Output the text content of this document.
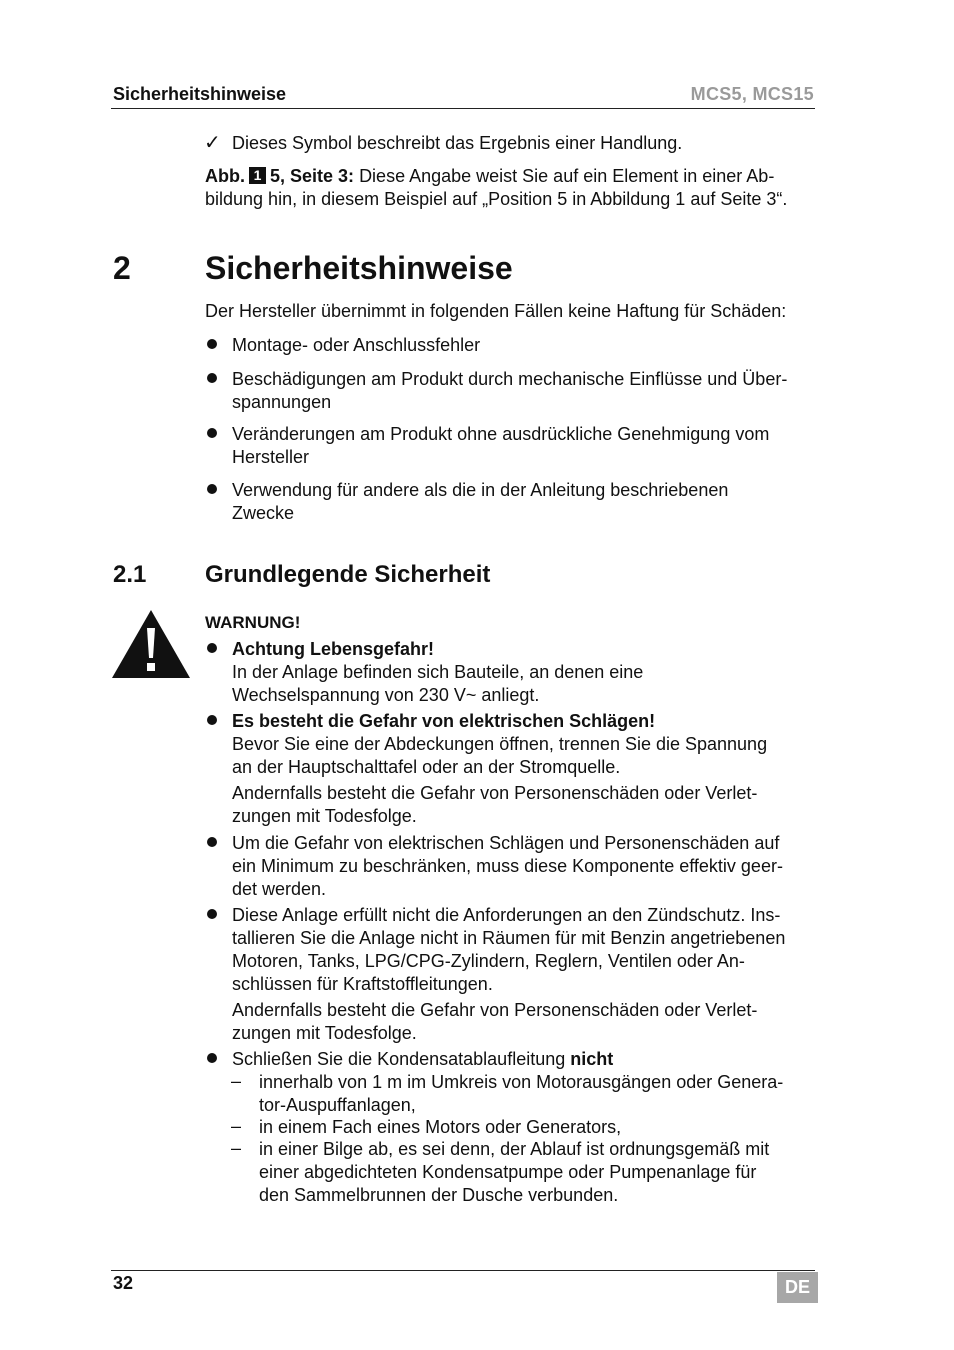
Sicherheitshinweise	MCS5, MCS15
✓ Dieses Symbol beschreibt das Ergebnis einer Handlung.
Abb. 1 5, Seite 3: Diese Angabe weist Sie auf ein Element in einer Ab-
bildung hin, in diesem Beispiel auf „Position 5 in Abbildung 1 auf Seite 3“.
2 Sicherheitshinweise
Der Hersteller übernimmt in folgenden Fällen keine Haftung für Schäden:
Montage- oder Anschlussfehler
Beschädigungen am Produkt durch mechanische Einflüsse und Über-
spannungen
Veränderungen am Produkt ohne ausdrückliche Genehmigung vom
Hersteller
Verwendung für andere als die in der Anleitung beschriebenen
Zwecke
2.1 Grundlegende Sicherheit
WARNUNG!
Achtung Lebensgefahr!
In der Anlage befinden sich Bauteile, an denen eine
Wechselspannung von 230 V~ anliegt.
Es besteht die Gefahr von elektrischen Schlägen!
Bevor Sie eine der Abdeckungen öffnen, trennen Sie die Spannung
an der Hauptschalttafel oder an der Stromquelle.
Andernfalls besteht die Gefahr von Personenschäden oder Verlet-
zungen mit Todesfolge.
Um die Gefahr von elektrischen Schlägen und Personenschäden auf
ein Minimum zu beschränken, muss diese Komponente effektiv geer-
det werden.
Diese Anlage erfüllt nicht die Anforderungen an den Zündschutz. Ins-
tallieren Sie die Anlage nicht in Räumen für mit Benzin angetriebenen
Motoren, Tanks, LPG/CPG-Zylindern, Reglern, Ventilen oder An-
schlüssen für Kraftstoffleitungen.
Andernfalls besteht die Gefahr von Personenschäden oder Verlet-
zungen mit Todesfolge.
Schließen Sie die Kondensatablaufleitung nicht
– innerhalb von 1 m im Umkreis von Motorausgängen oder Genera-
tor-Auspuffanlagen,
– in einem Fach eines Motors oder Generators,
– in einer Bilge ab, es sei denn, der Ablauf ist ordnungsgemäß mit
einer abgedichteten Kondensatpumpe oder Pumpenanlage für
den Sammelbrunnen der Dusche verbunden.
32	DE
